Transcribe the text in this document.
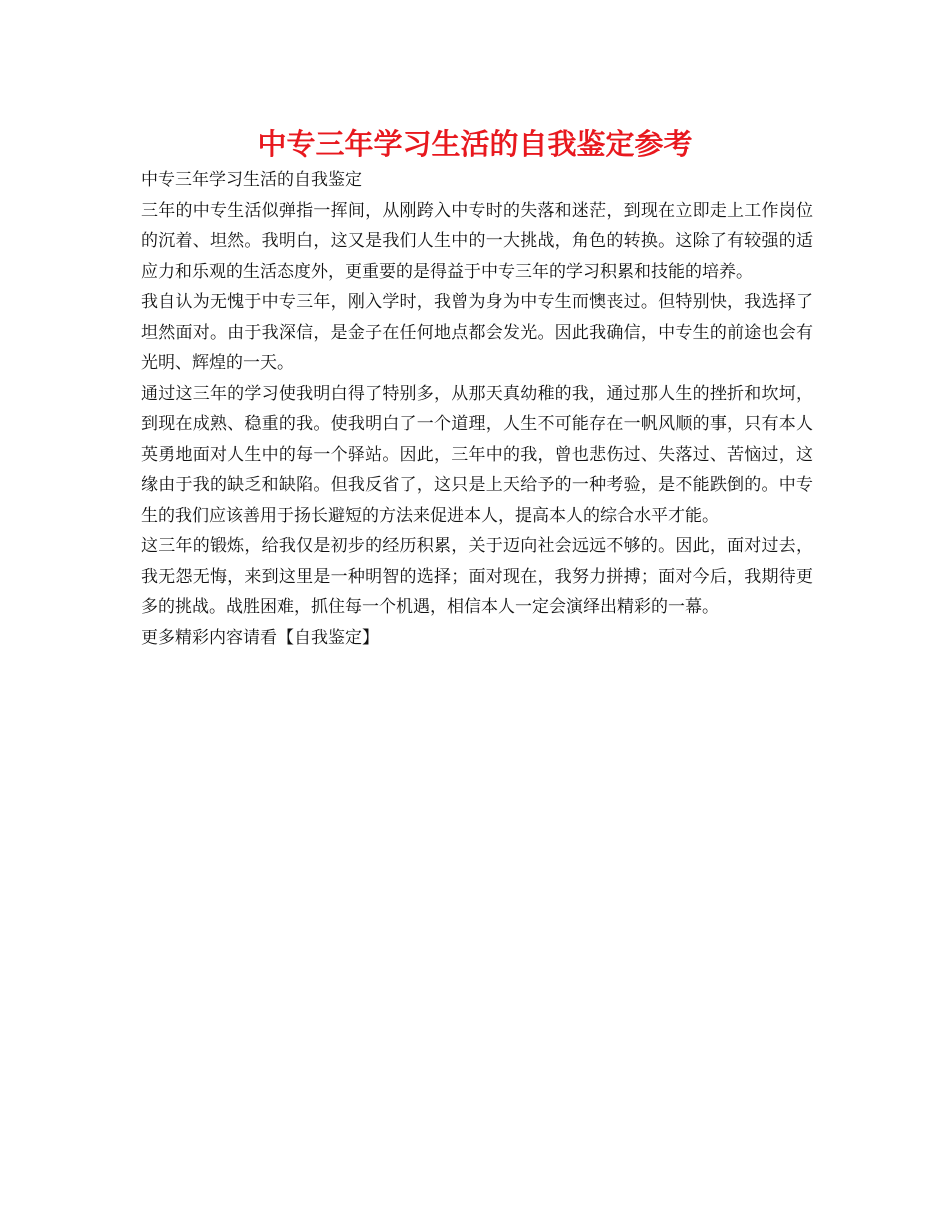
中专三年学习生活的自我鉴定参考

中专三年学习生活的自我鉴定

三年的中专生活似弹指一挥间，从刚跨入中专时的失落和迷茫，到现在立即走上工作岗位的沉着、坦然。我明白，这又是我们人生中的一大挑战，角色的转换。这除了有较强的适应力和乐观的生活态度外，更重要的是得益于中专三年的学习积累和技能的培养。

我自认为无愧于中专三年，刚入学时，我曾为身为中专生而懊丧过。但特别快，我选择了坦然面对。由于我深信，是金子在任何地点都会发光。因此我确信，中专生的前途也会有光明、辉煌的一天。

通过这三年的学习使我明白得了特别多，从那天真幼稚的我，通过那人生的挫折和坎坷，到现在成熟、稳重的我。使我明白了一个道理，人生不可能存在一帆风顺的事，只有本人英勇地面对人生中的每一个驿站。因此，三年中的我，曾也悲伤过、失落过、苦恼过，这缘由于我的缺乏和缺陷。但我反省了，这只是上天给予的一种考验，是不能跌倒的。中专生的我们应该善用于扬长避短的方法来促进本人，提高本人的综合水平才能。

这三年的锻炼，给我仅是初步的经历积累，关于迈向社会远远不够的。因此，面对过去，我无怨无悔，来到这里是一种明智的选择；面对现在，我努力拼搏；面对今后，我期待更多的挑战。战胜困难，抓住每一个机遇，相信本人一定会演绎出精彩的一幕。

更多精彩内容请看【自我鉴定】
